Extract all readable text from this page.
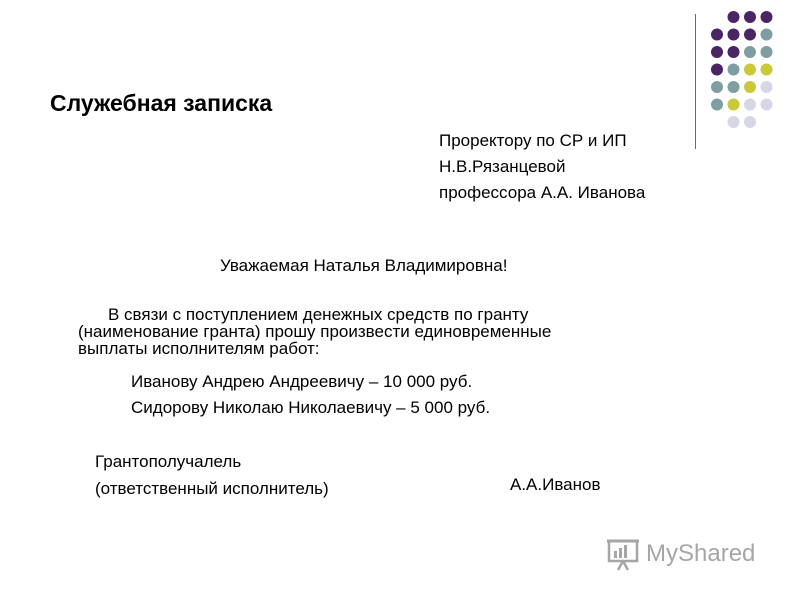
Служебная записка
Проректору по СР и ИП
Н.В.Рязанцевой
профессора А.А. Иванова
Уважаемая Наталья Владимировна!
В связи с поступлением денежных средств по гранту
(наименование гранта) прошу произвести единовременные
выплаты исполнителям работ:
Иванову Андрею Андреевичу – 10 000 руб.
Сидорову Николаю Николаевичу – 5 000 руб.
Грантополучалель
(ответственный исполнитель)	А.А.Иванов
MyShared
